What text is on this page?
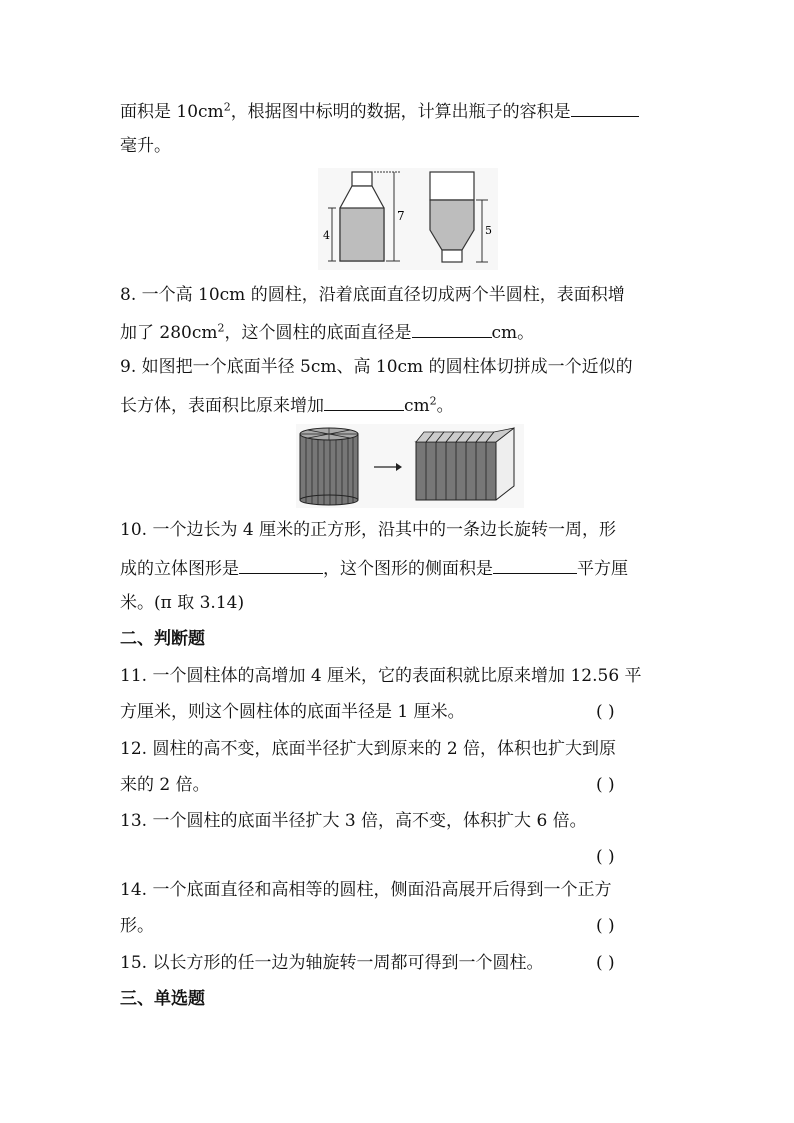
面积是 $10cm^2$，根据图中标明的数据，计算出瓶子的容积是
毫升。
4
7
5
8. 一个高 10cm 的圆柱，沿着底面直径切成两个半圆柱，表面积增
加了 $280cm^2$，这个圆柱的底面直径是	cm。
9. 如图把一个底面半径 5cm、高 10cm 的圆柱体切拼成一个近似的
长方体，表面积比原来增加	$cm^2$。
10. 一个边长为 4 厘米的正方形，沿其中的一条边长旋转一周，形
成的立体图形是	，这个图形的侧面积是	平方厘
米。(π 取 3.14)
二、判断题
11. 一个圆柱体的高增加 4 厘米，它的表面积就比原来增加 12.56 平
方厘米，则这个圆柱体的底面半径是 1 厘米。	( )
12. 圆柱的高不变，底面半径扩大到原来的 2 倍，体积也扩大到原
来的 2 倍。	( )
13. 一个圆柱的底面半径扩大 3 倍，高不变，体积扩大 6 倍。
( )
14. 一个底面直径和高相等的圆柱，侧面沿高展开后得到一个正方
形。	( )
15. 以长方形的任一边为轴旋转一周都可得到一个圆柱。	( )
三、单选题
